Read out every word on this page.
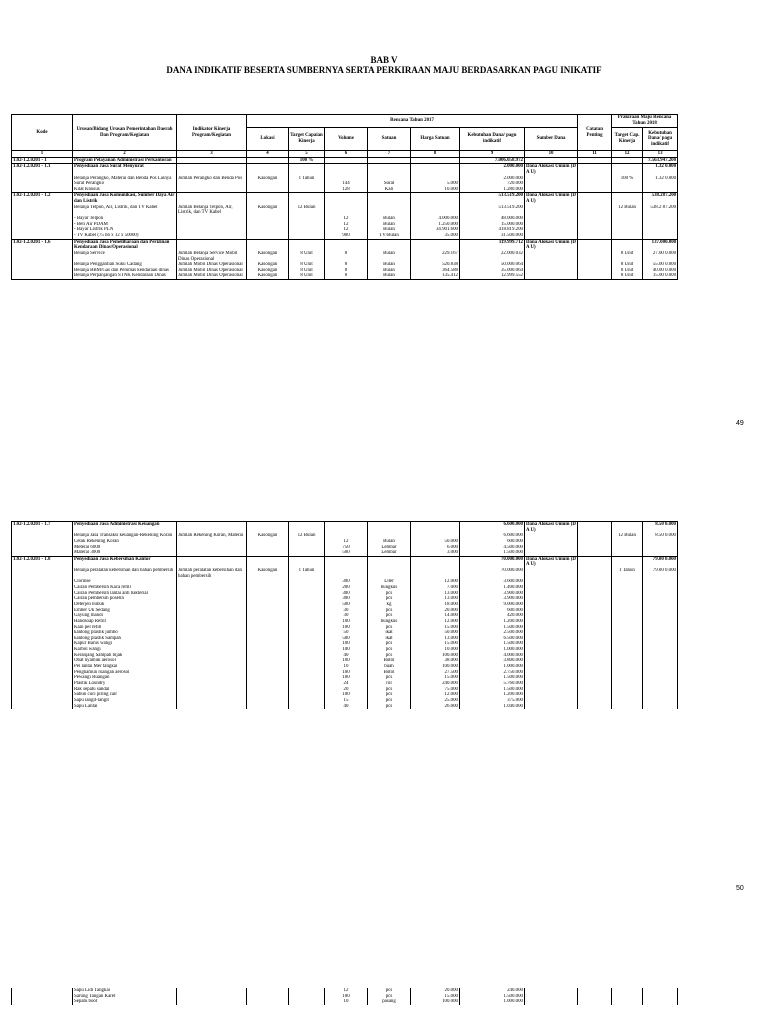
BAB V
DANA INDIKATIF BESERTA SUMBERNYA SERTA PERKIRAAN MAJU BERDASARKAN PAGU INIKATIF
Kode	Urusan/Bidang Urusan Pemerintahan Daerah Dan Program/Kegiatan	Indikator Kinerja Program/Kegiatan	Rencana Tahun 2017							Catatan Penting	Prakiraan Maju Rencana Tahun 2018	
			Lokasi	Target Capaian Kinerja	Volume	Satuan	Harga Satuan	Kebutuhan Dana/ pagu indikatif	Sumber Dana		Target Cap. Kinerja	Kebutuhan Dana/ pagu indikatif
1	2	3	4	5	6	7	8	9	10	11	12	13
1.02-1.2.0201 - 1	Program Pelayanan Administrasi Perkantoran			100 %				7.006.058.972				7.563.947.200
1.02-1.2.0201 - 1.1	Penyediaan Jasa Surat Menyurat							2.000.000	Dana Alokasi Umum (D A U)			1.32 0.000
	Belanja Perangko, Materai dan Benda Pos Lainya	Jumlah Perangko dan Benda Pos	Kasongan	1 Tahun				2.000.000			100 %	1.32 0.000
	Surat Perangko				144	Surat	5.000	720.000				
	Kilat Khusus				128	Kali	10.000	1.280.000				
1.02-1.2.0201 - 1.2	Penyediaan Jasa Komunikasi, Sumber Daya Air dan Listrik							513.519.200	Dana Alokasi Umum (D A U)			538.287.200
	Belanja Telpon, Air, Listrik, dan TV Kabel	Jumlah Belanja Telpon, Air, Listrik, dan TV Kabel	Kasongan	12 Bulan				513.519.200			12 Bulan	538.2 87.200
	- Bayar Telpon				12	Bulan	4.000.000	48.000.000				
	- Beli Air PDAM				12	Bulan	1.250.000	15.000.000				
	- Bayar Listrik PLN				12	Bulan	34.901.600	418.819.200				
	- TV Kabel (75 bh x 12 x 50000)				900	TV/Bulan	35.000	31.500.000				
1.02-1.2.0201 - 1.6	Penyediaan Jasa Pemeliharaan dan Perizinan Kendaraan Dinas/Operasional							119.999.712	Dana Alokasi Umum (D A U)			137.000.000
	Belanja Service	Jumlah Belanja Service Mobil Dinas Operasional	Kasongan	8 Unit	8	Bulan	229.167	22.000.032			8 Unit	27.00 0.000
	Belanja Penggantian Suku Cadang	Jumlah Mobil Dinas Operasional	Kasongan	8 Unit	8	Bulan	520.838	50.000.064			8 Unit	55.00 0.000
	Belanja BBM/Gas dan Pelumas kendaraan dinas	Jumlah Mobil Dinas Operasional	Kasongan	8 Unit	8	Bulan	364.588	35.000.064			8 Unit	40.00 0.000
	Belanja Perpanjangan STNK Kendaraan Dinas	Jumlah Mobil Dinas Operasional	Kasongan	8 Unit	8	Bulan	135.412	12.999.552			8 Unit	15.00 0.000
49
1.02-1.2.0201 - 1.7	Penyediaan Jasa Administrasi Keuangan							6.600.000	Dana Alokasi Umum (D A U)			8.50 0.000
	Belanja Jasa Transaksi keuangan-Rekening Koran	Jumlah Rekening Koran, Materai	Kasongan	12 Bulan				6.600.000			12 Bulan	8.50 0.000
	Cetak Rekening Koran				12	Bulan	50.000	600.000				
	Meterai 6000				750	Lembar	6.000	4.500.000				
	Materai 3000				500	Lembar	3.000	1.500.000				
1.02-1.2.0201 - 1.8	Penyediaan Jasa Kebersihan Kantor							70.000.000	Dana Alokasi Umum (D A U)			79.00 0.000
	Belanja peralatan kebersihan dan bahan pembersih	Jumlah peralatan kebersihan dan bahan pembersih	Kasongan	1 Tahun				70.000.000			1 Tahun	79.00 0.000
	Clorinse				300	Liter	12.000	3.600.000				
	Cairan Pembersih Kaca refill				200	bungkus	7.000	1.400.000				
	Cairan Pembersih lantai anti bakterial				300	pcs	13.000	3.900.000				
	Cairan pembersih poselin				300	pcs	13.000	3.900.000				
	Deterjen bubuk				500	kg	18.000	9.000.000				
	Ember Uk Sedang				30	pcs	20.000	600.000				
	Gayung mandi				30	pcs	14.000	420.000				
	Handsoap Refill				100	bungkus	12.000	1.200.000				
	Kain pel refill				100	pcs	15.000	1.500.000				
	kantong plastik jumbo				50	ikat	50.000	2.500.000				
	kantong plastik Sampah				500	ikat	13.000	6.500.000				
	Kapur Barus wangi				100	pcs	15.000	1.500.000				
	Karbol wangi				100	pcs	10.000	1.000.000				
	Keranjang Sampah bijak				40	pcs	100.000	4.000.000				
	Obat nyamuk aerosol				100	Botol	38.000	3.800.000				
	Pel lantai Mer tangkai				10	buah	100.000	1.000.000				
	Penghamun ruangan aerosol				100	Botol	27.500	2.750.000				
	Pewangi Ruangan				100	pcs	15.000	1.500.000				
	Plastik Loundry				24	rol	240.000	5.760.000				
	Rak sepatu sandal				20	pcs	75.000	1.500.000				
	Sabun cuci piring cair				100	pcs	12.000	1.200.000				
	Sapu langit-langit				15	pcs	25.000	375.000				
	Sapu Lantai				40	pcs	26.000	1.040.000				
50
	Sapu Lidi Tangkai				12	pcs	20.000	240.000				
	Sarung Tangan Karet				100	pcs	15.000	1.500.000				
	Sepatu boot				10	pasang	100.000	1.000.000				
